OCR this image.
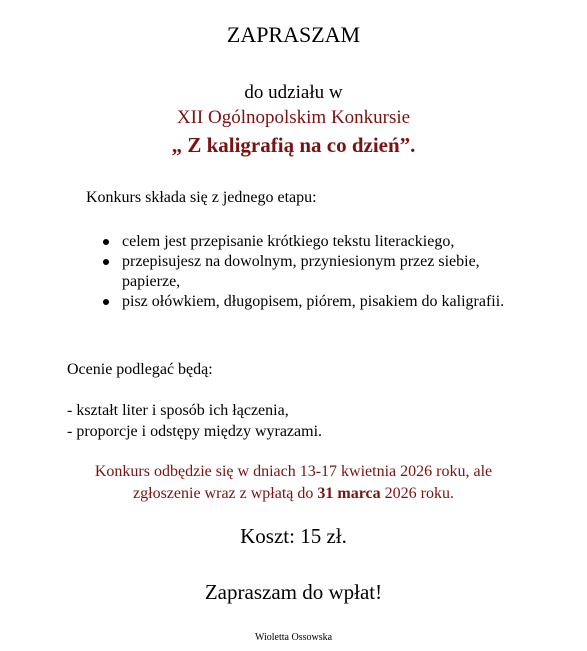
ZAPRASZAM
do udziału w
XII Ogólnopolskim Konkursie
„ Z kaligrafią na co dzień”.
Konkurs składa się z jednego etapu:
celem jest przepisanie krótkiego tekstu literackiego,
przepisujesz na dowolnym, przyniesionym przez siebie, papierze,
pisz ołówkiem, długopisem, piórem, pisakiem do kaligrafii.
Ocenie podlegać będą:
- kształt liter i sposób ich łączenia,
- proporcje i odstępy między wyrazami.
Konkurs odbędzie się w dniach 13-17 kwietnia 2026 roku, ale
zgłoszenie wraz z wpłatą do 31 marca 2026 roku.
Koszt: 15 zł.
Zapraszam do wpłat!
Wioletta Ossowska
